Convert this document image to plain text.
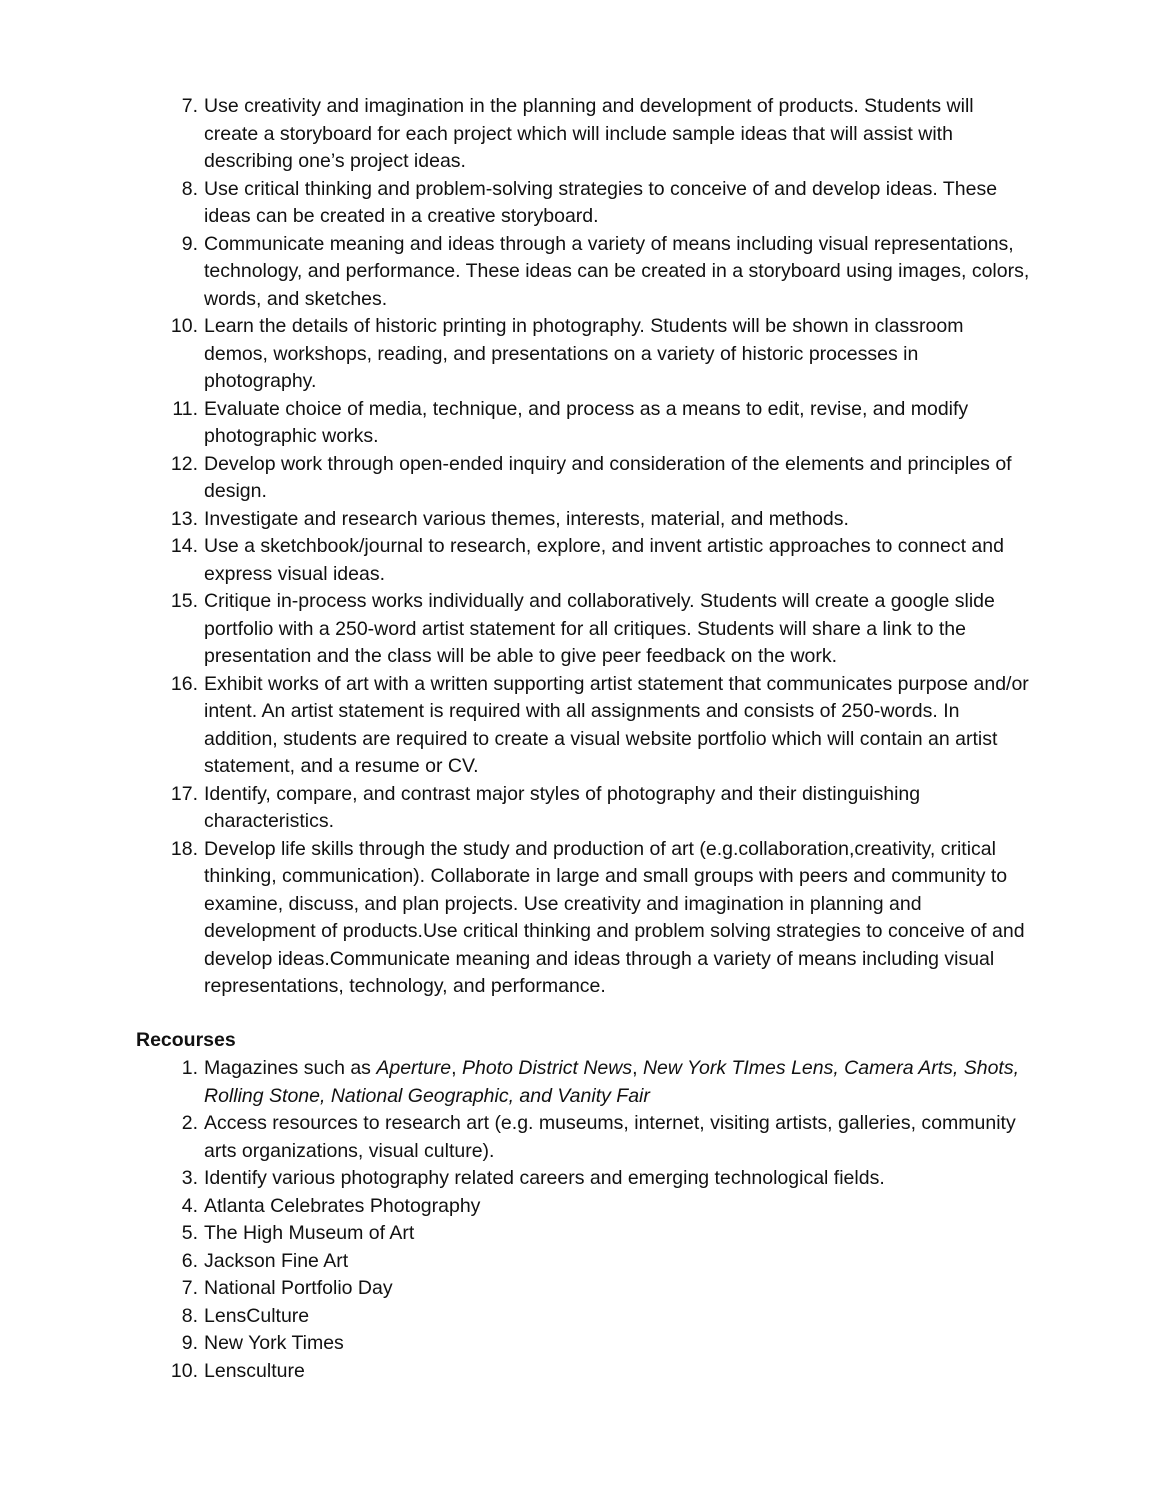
7. Use creativity and imagination in the planning and development of products. Students will create a storyboard for each project which will include sample ideas that will assist with describing one’s project ideas.
8. Use critical thinking and problem-solving strategies to conceive of and develop ideas. These ideas can be created in a creative storyboard.
9. Communicate meaning and ideas through a variety of means including visual representations, technology, and performance. These ideas can be created in a storyboard using images, colors, words, and sketches.
10. Learn the details of historic printing in photography. Students will be shown in classroom demos, workshops, reading, and presentations on a variety of historic processes in photography.
11. Evaluate choice of media, technique, and process as a means to edit, revise, and modify photographic works.
12. Develop work through open-ended inquiry and consideration of the elements and principles of design.
13. Investigate and research various themes, interests, material, and methods.
14. Use a sketchbook/journal to research, explore, and invent artistic approaches to connect and express visual ideas.
15. Critique in-process works individually and collaboratively. Students will create a google slide portfolio with a 250-word artist statement for all critiques. Students will share a link to the presentation and the class will be able to give peer feedback on the work.
16. Exhibit works of art with a written supporting artist statement that communicates purpose and/or intent. An artist statement is required with all assignments and consists of 250-words. In addition, students are required to create a visual website portfolio which will contain an artist statement, and a resume or CV.
17. Identify, compare, and contrast major styles of photography and their distinguishing characteristics.
18. Develop life skills through the study and production of art (e.g.collaboration,creativity, critical thinking, communication). Collaborate in large and small groups with peers and community to examine, discuss, and plan projects. Use creativity and imagination in planning and development of products.Use critical thinking and problem solving strategies to conceive of and develop ideas.Communicate meaning and ideas through a variety of means including visual representations, technology, and performance.
Recourses
1. Magazines such as Aperture, Photo District News, New York TImes Lens, Camera Arts, Shots, Rolling Stone, National Geographic, and Vanity Fair
2. Access resources to research art (e.g. museums, internet, visiting artists, galleries, community arts organizations, visual culture).
3. Identify various photography related careers and emerging technological fields.
4. Atlanta Celebrates Photography
5. The High Museum of Art
6. Jackson Fine Art
7. National Portfolio Day
8. LensCulture
9. New York Times
10. Lensculture
